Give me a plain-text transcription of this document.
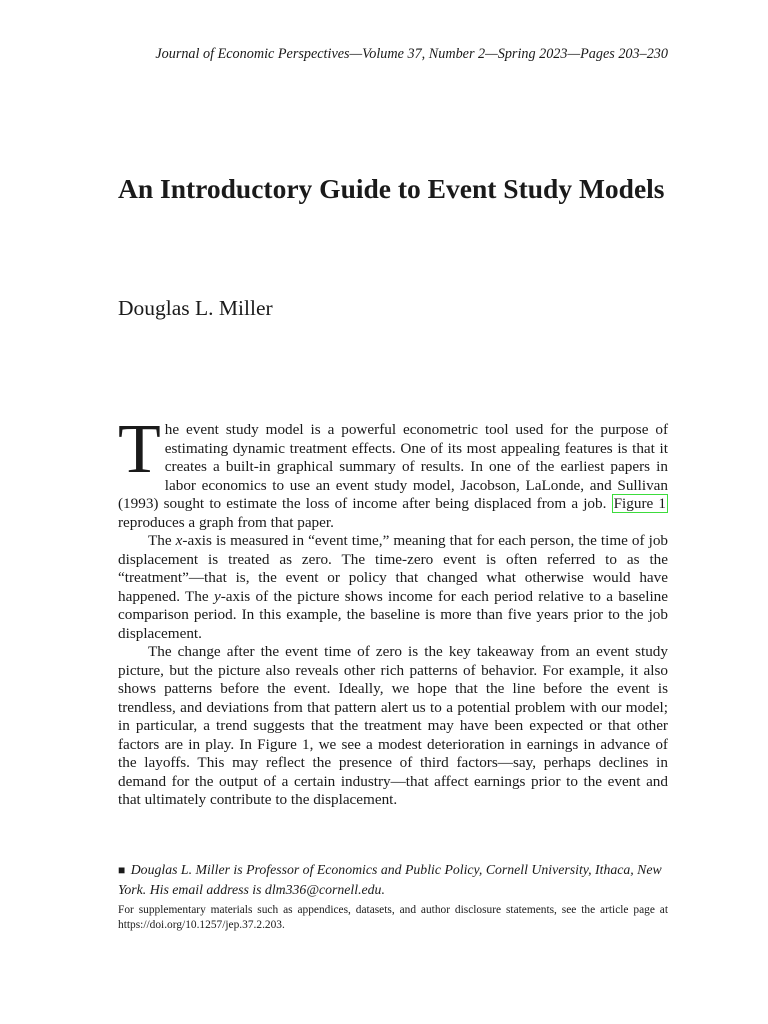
Journal of Economic Perspectives—Volume 37, Number 2—Spring 2023—Pages 203–230
An Introductory Guide to Event Study Models
Douglas L. Miller

The event study model is a powerful econometric tool used for the purpose of estimating dynamic treatment effects. One of its most appealing features is that it creates a built-in graphical summary of results. In one of the earliest papers in labor economics to use an event study model, Jacobson, LaLonde, and Sullivan (1993) sought to estimate the loss of income after being displaced from a job. Figure 1 reproduces a graph from that paper.

The x-axis is measured in “event time,” meaning that for each person, the time of job displacement is treated as zero. The time-zero event is often referred to as the “treatment”—that is, the event or policy that changed what otherwise would have happened. The y-axis of the picture shows income for each period relative to a baseline comparison period. In this example, the baseline is more than five years prior to the job displacement.

The change after the event time of zero is the key takeaway from an event study picture, but the picture also reveals other rich patterns of behavior. For example, it also shows patterns before the event. Ideally, we hope that the line before the event is trendless, and deviations from that pattern alert us to a potential problem with our model; in particular, a trend suggests that the treatment may have been expected or that other factors are in play. In Figure 1, we see a modest deterioration in earnings in advance of the layoffs. This may reflect the presence of third factors—say, perhaps declines in demand for the output of a certain industry—that affect earnings prior to the event and that ultimately contribute to the displacement.

■ Douglas L. Miller is Professor of Economics and Public Policy, Cornell University, Ithaca, New York. His email address is dlm336@cornell.edu.
For supplementary materials such as appendices, datasets, and author disclosure statements, see the article page at https://doi.org/10.1257/jep.37.2.203.
